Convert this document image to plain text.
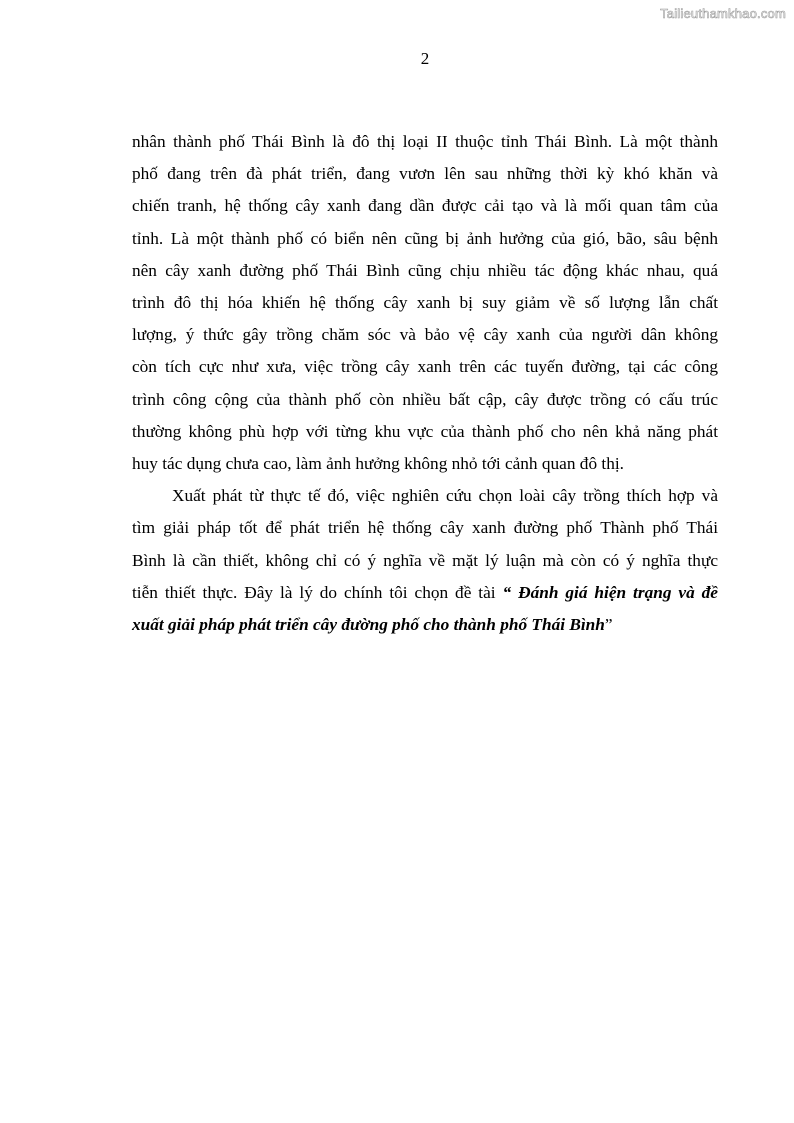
Tailieuthamkhao.com
2
nhân thành phố Thái Bình là đô thị loại II thuộc tỉnh Thái Bình. Là một thành
phố đang trên đà phát triển, đang vươn lên sau những thời kỳ khó khăn và
chiến tranh, hệ thống cây xanh đang dần được cải tạo và là mối quan tâm của
tỉnh. Là một thành phố có biển nên cũng bị ảnh hưởng của gió, bão, sâu bệnh
nên cây xanh đường phố Thái Bình cũng chịu nhiều tác động khác nhau, quá
trình đô thị hóa khiến hệ thống cây xanh bị suy giảm về số lượng lẫn chất
lượng, ý thức gây trồng chăm sóc và bảo vệ cây xanh của người dân không
còn tích cực như xưa, việc trồng cây xanh trên các tuyến đường, tại các công
trình công cộng của thành phố còn nhiều bất cập, cây được trồng có cấu trúc
thường không phù hợp với từng khu vực của thành phố cho nên khả năng phát
huy tác dụng chưa cao, làm ảnh hưởng không nhỏ tới cảnh quan đô thị.
Xuất phát từ thực tế đó, việc nghiên cứu chọn loài cây trồng thích hợp và
tìm giải pháp tốt để phát triển hệ thống cây xanh đường phố Thành phố Thái
Bình là cần thiết, không chỉ có ý nghĩa về mặt lý luận mà còn có ý nghĩa thực
tiễn thiết thực. Đây là lý do chính tôi chọn đề tài “ Đánh giá hiện trạng và đề
xuất giải pháp phát triển cây đường phố cho thành phố Thái Bình”
